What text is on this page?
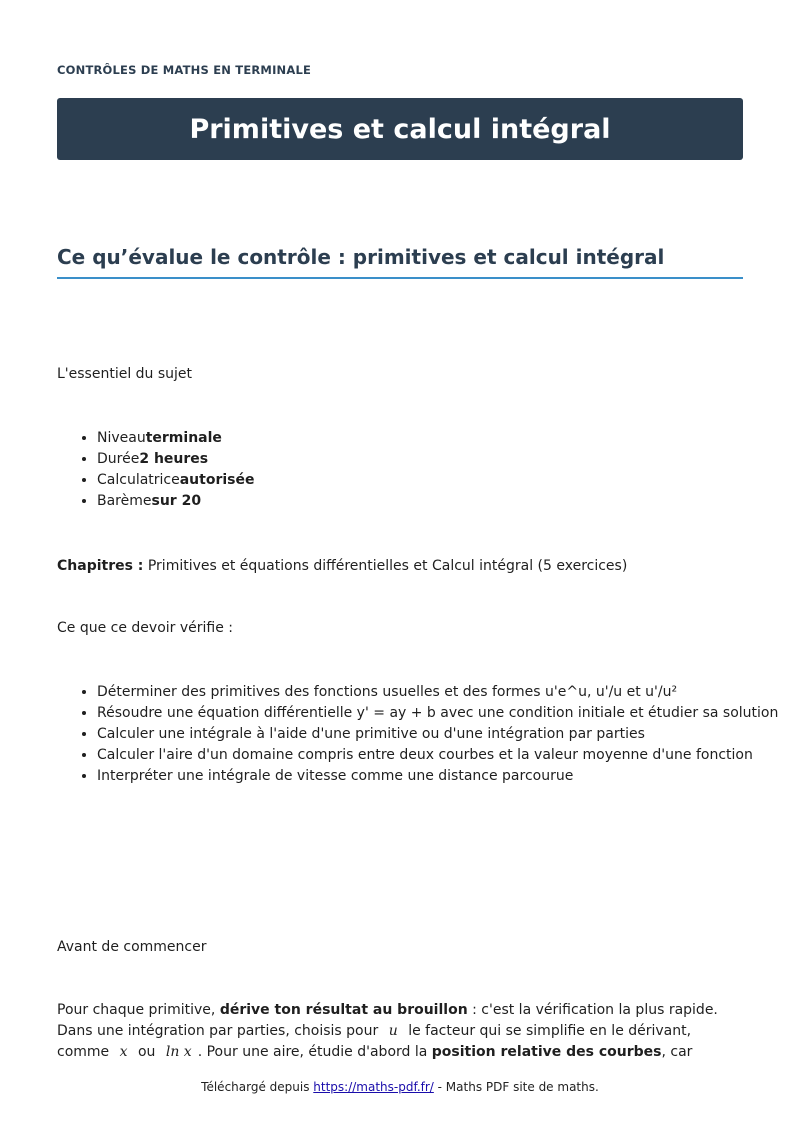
CONTRÔLES DE MATHS EN TERMINALE
Primitives et calcul intégral
Ce qu’évalue le contrôle : primitives et calcul intégral

L'essentiel du sujet

• Niveauterminale
• Durée2 heures
• Calculatriceautorisée
• Barèmesur 20

Chapitres : Primitives et équations différentielles et Calcul intégral (5 exercices)

Ce que ce devoir vérifie :

• Déterminer des primitives des fonctions usuelles et des formes u'e^u, u'/u et u'/u²
• Résoudre une équation différentielle y' = ay + b avec une condition initiale et étudier sa solution
• Calculer une intégrale à l'aide d'une primitive ou d'une intégration par parties
• Calculer l'aire d'un domaine compris entre deux courbes et la valeur moyenne d'une fonction
• Interpréter une intégrale de vitesse comme une distance parcourue

Avant de commencer

Pour chaque primitive, dérive ton résultat au brouillon : c'est la vérification la plus rapide. Dans une intégration par parties, choisis pour u le facteur qui se simplifie en le dérivant, comme x ou ln x . Pour une aire, étudie d'abord la position relative des courbes, car

Téléchargé depuis https://maths-pdf.fr/ - Maths PDF site de maths.
